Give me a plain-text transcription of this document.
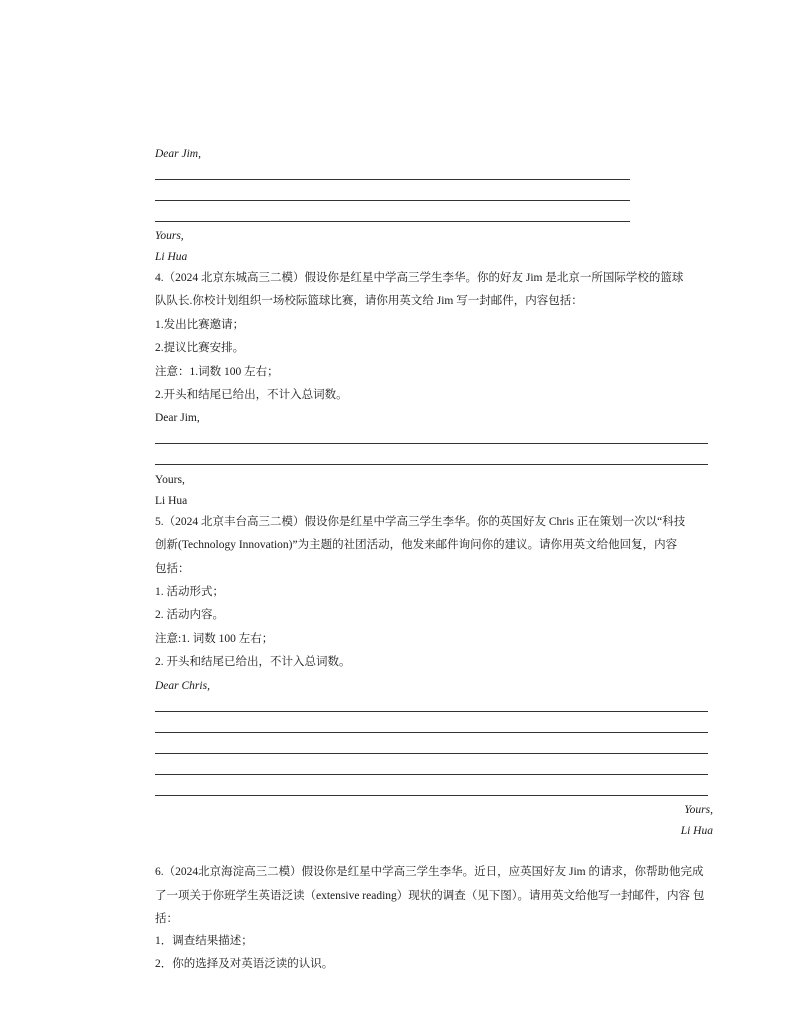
Dear Jim,
Yours,
Li Hua
4.（2024 北京东城高三二模）假设你是红星中学高三学生李华。你的好友 Jim 是北京一所国际学校的篮球
队队长.你校计划组织一场校际篮球比赛，请你用英文给 Jim 写一封邮件，内容包括：
1.发出比赛邀请；
2.提议比赛安排。
注意：1.词数 100 左右；
2.开头和结尾已给出，不计入总词数。
Dear Jim,
Yours,
Li Hua
5.（2024 北京丰台高三二模）假设你是红星中学高三学生李华。你的英国好友 Chris 正在策划一次以“科技
创新(Technology Innovation)”为主题的社团活动，他发来邮件询问你的建议。请你用英文给他回复，内容
包括：
1. 活动形式；
2. 活动内容。
注意:1. 词数 100 左右；
2. 开头和结尾已给出，不计入总词数。
Dear Chris,
Yours,
Li Hua
6.（2024北京海淀高三二模）假设你是红星中学高三学生李华。近日，应英国好友 Jim 的请求，你帮助他完成
了一项关于你班学生英语泛读（extensive reading）现状的调查（见下图）。请用英文给他写一封邮件，内容 包
括：
1．调查结果描述；
2．你的选择及对英语泛读的认识。
